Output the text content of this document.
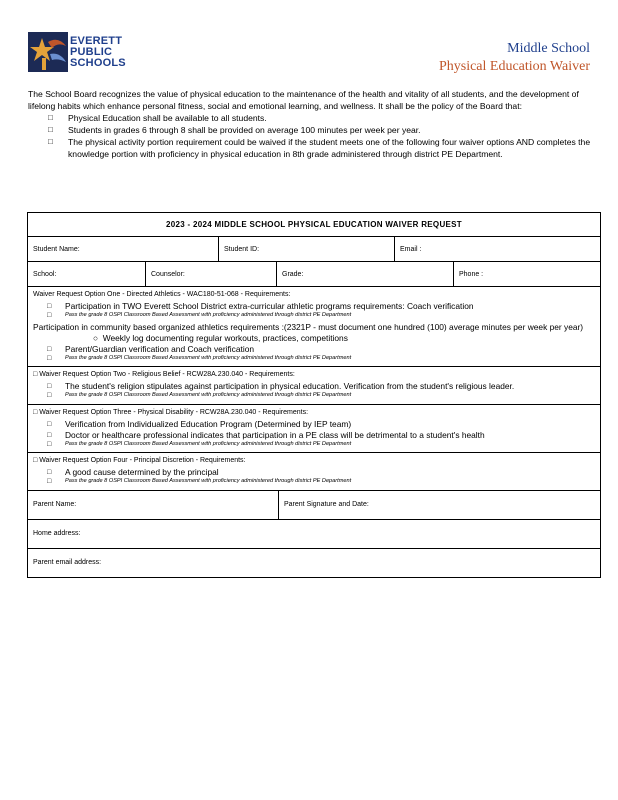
EVERETT
PUBLIC
SCHOOLS
Middle School
Physical Education Waiver
The School Board recognizes the value of physical education to the maintenance of the health and vitality of all students, and the development of lifelong habits which enhance personal fitness, social and emotional learning, and wellness. It shall be the policy of the Board that:
□	Physical Education shall be available to all students.
□	Students in grades 6 through 8 shall be provided on average 100 minutes per week per year.
□	The physical activity portion requirement could be waived if the student meets one of the following four waiver options AND completes the knowledge portion with proficiency in physical education in 8th grade administered through district PE Department.
2023 - 2024 MIDDLE SCHOOL PHYSICAL EDUCATION WAIVER REQUEST
Student Name:	Student ID:	Email :
School:	Counselor:	Grade:	Phone :
Waiver Request Option One - Directed Athletics - WAC180-51-068 - Requirements:
□	Participation in TWO Everett School District extra-curricular athletic programs requirements: Coach verification
□	Pass the grade 8 OSPI Classroom Based Assessment with proficiency administered through district PE Department
Participation in community based organized athletics requirements :(2321P - must document one hundred (100) average minutes per week per year)
○  Weekly log documenting regular workouts, practices, competitions
□	Parent/Guardian verification and Coach verification
□	Pass the grade 8 OSPI Classroom Based Assessment with proficiency administered through district PE Department
□ Waiver Request Option Two - Religious Belief - RCW28A.230.040 - Requirements:
□	The student's religion stipulates against participation in physical education. Verification from the student's religious leader.
□	Pass the grade 8 OSPI Classroom Based Assessment with proficiency administered through district PE Department
□ Waiver Request Option Three - Physical Disability - RCW28A.230.040 - Requirements:
□	Verification from Individualized Education Program (Determined by IEP team)
□	Doctor or healthcare professional indicates that participation in a PE class will be detrimental to a student's health
□	Pass the grade 8 OSPI Classroom Based Assessment with proficiency administered through district PE Department
□ Waiver Request Option Four - Principal Discretion - Requirements:
□	A good cause determined by the principal
□	Pass the grade 8 OSPI Classroom Based Assessment with proficiency administered through district PE Department
Parent Name:	Parent Signature and Date:
Home address:
Parent email address:
